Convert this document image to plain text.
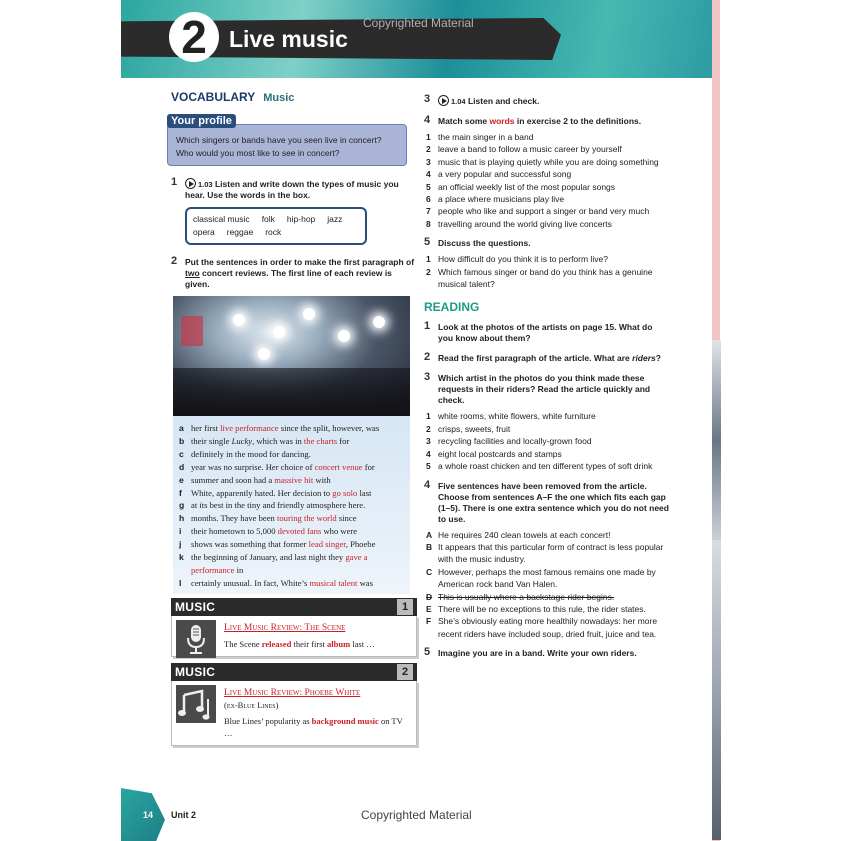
2 Live music
Copyrighted Material
VOCABULARY Music
Your profile
Which singers or bands have you seen live in concert?
Who would you most like to see in concert?
1	1.03 Listen and write down the types of music you hear. Use the words in the box.
classical music folk hip-hop jazz
opera reggae rock
2 Put the sentences in order to make the first paragraph of two concert reviews. The first line of each review is given.
a her first live performance since the split, however, was
b their single Lucky, which was in the charts for
c definitely in the mood for dancing.
d year was no surprise. Her choice of concert venue for
e summer and soon had a massive hit with
f White, apparently hated. Her decision to go solo last
g at its best in the tiny and friendly atmosphere here.
h months. They have been touring the world since
i their hometown to 5,000 devoted fans who were
j shows was something that former lead singer, Phoebe
k the beginning of January, and last night they gave a performance in
l certainly unusual. In fact, White’s musical talent was
MUSIC	1
Live Music Review: The Scene
The Scene released their first album last …
MUSIC	2
Live Music Review: Phoebe White
(ex-Blue Lines)
Blue Lines’ popularity as background music on TV …
3	1.04 Listen and check.
4 Match some words in exercise 2 to the definitions.
1 the main singer in a band
2 leave a band to follow a music career by yourself
3 music that is playing quietly while you are doing something
4 a very popular and successful song
5 an official weekly list of the most popular songs
6 a place where musicians play live
7 people who like and support a singer or band very much
8 travelling around the world giving live concerts
5 Discuss the questions.
1 How difficult do you think it is to perform live?
2 Which famous singer or band do you think has a genuine musical talent?
READING
1 Look at the photos of the artists on page 15. What do you know about them?
2 Read the first paragraph of the article. What are riders?
3 Which artist in the photos do you think made these requests in their riders? Read the article quickly and check.
1 white rooms, white flowers, white furniture
2 crisps, sweets, fruit
3 recycling facilities and locally-grown food
4 eight local postcards and stamps
5 a whole roast chicken and ten different types of soft drink
4 Five sentences have been removed from the article. Choose from sentences A–F the one which fits each gap (1–5). There is one extra sentence which you do not need to use.
A He requires 240 clean towels at each concert!
B It appears that this particular form of contract is less popular with the music industry.
C However, perhaps the most famous remains one made by American rock band Van Halen.
D This is usually where a backstage rider begins.
E There will be no exceptions to this rule, the rider states.
F She’s obviously eating more healthily nowadays: her more recent riders have included soup, dried fruit, juice and tea.
5 Imagine you are in a band. Write your own riders.
14 Unit 2	Copyrighted Material
